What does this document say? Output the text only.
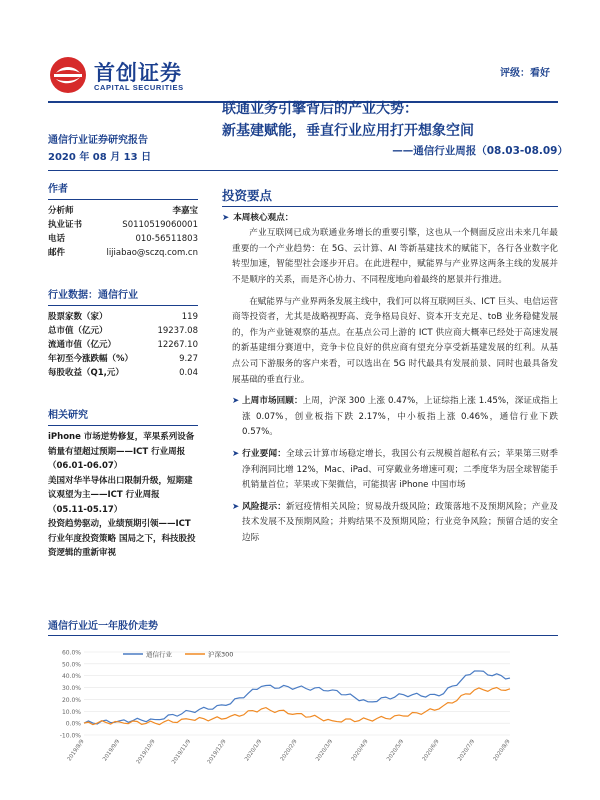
首创证券
CAPITAL SECURITIES
评级：看好
联通业务引擎背后的产业大势：
新基建赋能，垂直行业应用打开想象空间
——通信行业周报（08.03-08.09）
通信行业证券研究报告
2020 年 08 月 13 日
作者
分析师	李嘉宝
执业证书	S0110519060001
电话	010-56511803
邮件	lijiabao@sczq.com.cn
行业数据：通信行业
股票家数（家）	119
总市值（亿元）	19237.08
流通市值（亿元）	12267.10
年初至今涨跌幅（%）	9.27
每股收益（Q1,元）	0.04
相关研究
iPhone 市场逆势修复，苹果系列设备销量有望超过预期——ICT 行业周报（06.01-06.07）
美国对华半导体出口限制升级，短期建议观望为主——ICT 行业周报（05.11-05.17）
投资趋势驱动，业绩预期引领——ICT 行业年度投资策略 国局之下，科技股投资逻辑的重新审视
投资要点
➤ 本周核心观点：
产业互联网已成为联通业务增长的重要引擎，这也从一个侧面反应出未来几年最重要的一个产业趋势：在 5G、云计算、AI 等新基建技术的赋能下，各行各业数字化转型加速，智能型社会逐步开启。在此进程中，赋能界与产业界这两条主线的发展并不是顺序的关系，而是齐心协力、不同程度地向着最终的愿景并行推进。
在赋能界与产业界两条发展主线中，我们可以将互联网巨头、ICT 巨头、电信运营商等投资者，尤其是战略视野高、竞争格局良好、资本开支充足、toB 业务稳健发展的，作为产业链观察的基点。在基点公司上游的 ICT 供应商大概率已经处于高速发展的新基建细分赛道中，竞争卡位良好的供应商有望充分享受新基建发展的红利。从基点公司下游服务的客户来看，可以选出在 5G 时代最具有发展前景、同时也最具备发展基础的垂直行业。
➤ 上周市场回顾：上周，沪深 300 上涨 0.47%，上证综指上涨 1.45%，深证成指上涨 0.07%，创业板指下跌 2.17%，中小板指上涨 0.46%，通信行业下跌 0.57%。
➤ 行业要闻：全球云计算市场稳定增长，我国公有云规模首超私有云；苹果第三财季净利润同比增 12%，Mac、iPad、可穿戴业务增速可观；二季度华为居全球智能手机销量首位；苹果或下架微信，可能损害 iPhone 中国市场
➤ 风险提示：新冠疫情相关风险；贸易战升级风险；政策落地不及预期风险；产业及技术发展不及预期风险；并购结果不及预期风险；行业竞争风险；预留合适的安全边际
通信行业近一年股价走势
60.0%
50.0%
40.0%
30.0%
20.0%
10.0%
0.0%
-10.0%
2019/8/9	2019/9/9	2019/10/9	2019/11/9	2019/12/9	2020/1/9	2020/2/9	2020/3/9	2020/4/9	2020/5/9	2020/6/9	2020/7/9	2020/8/9
通信行业	沪深300
